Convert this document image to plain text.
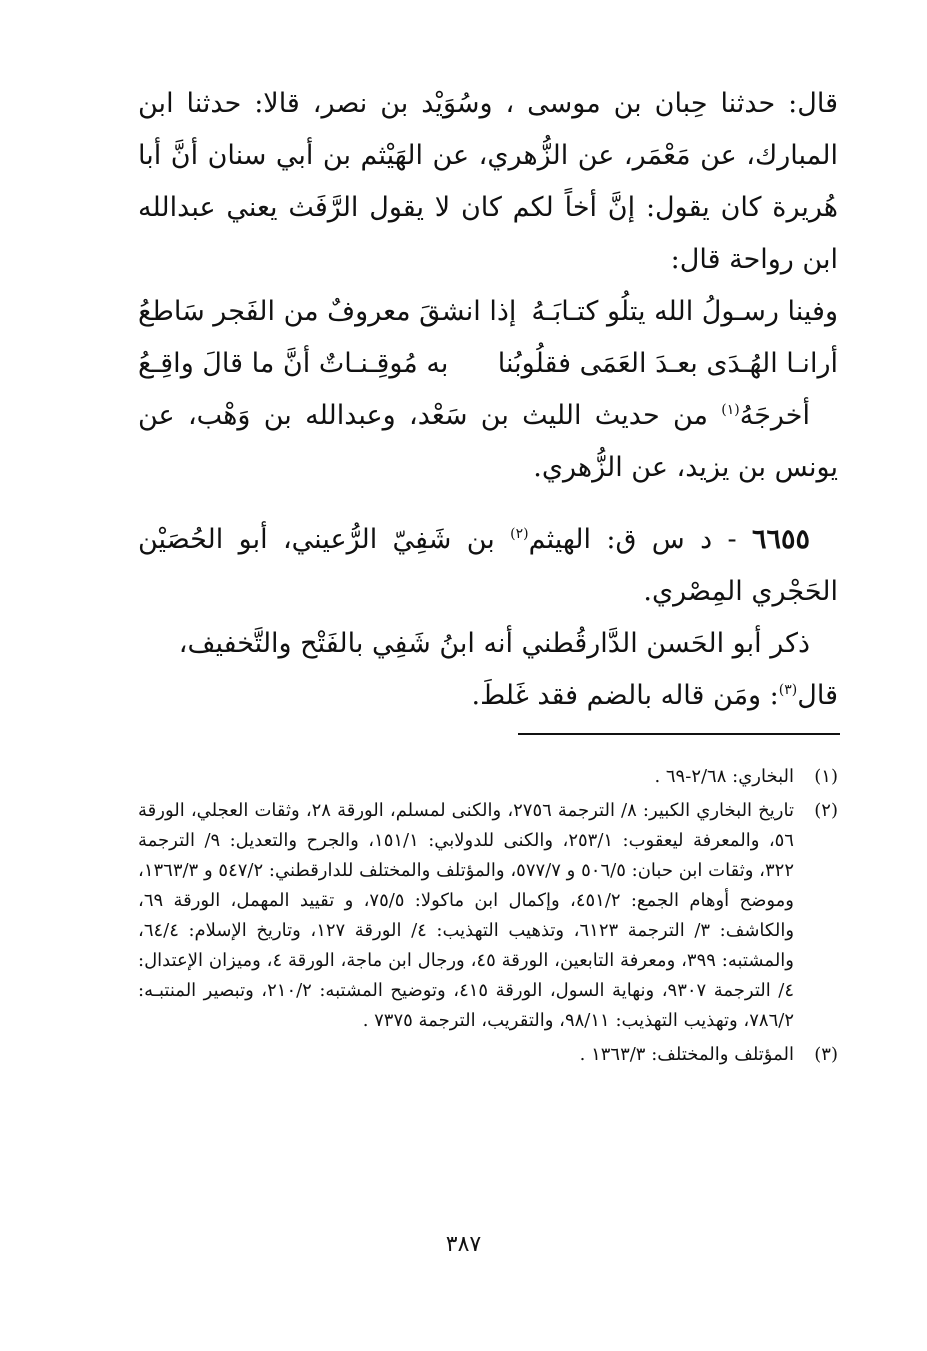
قال: حدثنا حِبان بن موسى ، وسُوَيْد بن نصر، قالا: حدثنا ابن المبارك، عن مَعْمَر، عن الزُّهري، عن الهَيْثم بن أبي سنان أنَّ أبا هُريرة كان يقول: إنَّ أخاً لكم كان لا يقول الرَّفَث يعني عبدالله ابن رواحة قال:

وفينا رسـولُ الله يتلُو كتـابَـهُ
إذا انشقَ معروفٌ من الفَجر سَاطعُ
أرانـا الهُـدَى بعـدَ العَمَى فقلُوبُنا
به مُوقِـنـاتٌ أنَّ ما قالَ واقِـعُ

أخرجَهُ$^{(١)}$ من حديث الليث بن سَعْد، وعبدالله بن وَهْب، عن يونس بن يزيد، عن الزُّهري.

٦٦٥٥ - د س ق: الهيثم$^{(٢)}$ بن شَفِيّ الرُّعيني، أبو الحُصَيْن الحَجْري المِصْري.

ذكر أبو الحَسن الدَّارقُطني أنه ابنُ شَفِي بالفَتْح والتَّخفيف،
قال$^{(٣)}$: ومَن قاله بالضم فقد غَلطَ.

(١)
البخاري: ٢/٦٨-٦٩ .
(٢)
تاريخ البخاري الكبير: ٨/ الترجمة ٢٧٥٦، والكنى لمسلم، الورقة ٢٨، وثقات العجلي، الورقة ٥٦، والمعرفة ليعقوب: ٢٥٣/١، والكنى للدولابي: ١٥١/١، والجرح والتعديل: ٩/ الترجمة ٣٢٢، وثقات ابن حبان: ٥٠٦/٥ و ٥٧٧/٧، والمؤتلف والمختلف للدارقطني: ٥٤٧/٢ و ١٣٦٣/٣، وموضح أوهام الجمع: ٤٥١/٢، وإكمال ابن ماكولا: ٧٥/٥، و تقييد المهمل، الورقة ٦٩، والكاشف: ٣/ الترجمة ٦١٢٣، وتذهيب التهذيب: ٤/ الورقة ١٢٧، وتاريخ الإسلام: ٦٤/٤، والمشتبه: ٣٩٩، ومعرفة التابعين، الورقة ٤٥، ورجال ابن ماجة، الورقة ٤، وميزان الإعتدال: ٤/ الترجمة ٩٣٠٧، ونهاية السول، الورقة ٤١٥، وتوضيح المشتبه: ٢١٠/٢، وتبصير المنتبـه: ٧٨٦/٢، وتهذيب التهذيب: ٩٨/١١، والتقريب، الترجمة ٧٣٧٥ .
(٣)
المؤتلف والمختلف: ١٣٦٣/٣ .
٣٨٧
